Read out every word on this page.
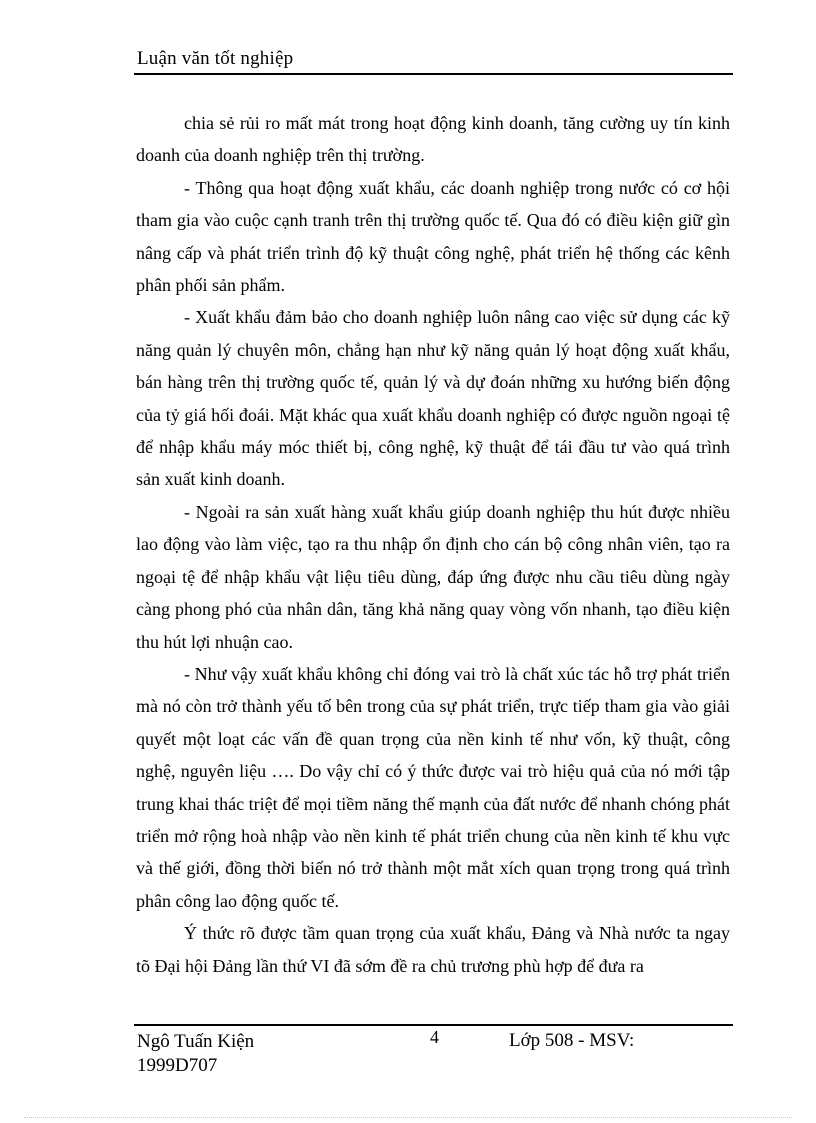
Luận văn tốt nghiệp

chia sẻ rủi ro mất mát trong hoạt động kinh doanh, tăng cường uy tín kinh doanh của doanh nghiệp trên thị trường.

- Thông qua hoạt động xuất khẩu, các doanh nghiệp trong nước có cơ hội tham gia vào cuộc cạnh tranh trên thị trường quốc tế. Qua đó có điều kiện giữ gìn nâng cấp và phát triển trình độ kỹ thuật công nghệ, phát triển hệ thống các kênh phân phối sản phẩm.

- Xuất khẩu đảm bảo cho doanh nghiệp luôn nâng cao việc sử dụng các kỹ năng quản lý chuyên môn, chẳng hạn như kỹ năng quản lý hoạt động xuất khẩu, bán hàng trên thị trường quốc tế, quản lý và dự đoán những xu hướng biến động của tỷ giá hối đoái. Mặt khác qua xuất khẩu doanh nghiệp có được nguồn ngoại tệ để nhập khẩu máy móc thiết bị, công nghệ, kỹ thuật để tái đầu tư vào quá trình sản xuất kinh doanh.

- Ngoài ra sản xuất hàng xuất khẩu giúp doanh nghiệp thu hút được nhiều lao động vào làm việc, tạo ra thu nhập ổn định cho cán bộ công nhân viên, tạo ra ngoại tệ để nhập khẩu vật liệu tiêu dùng, đáp ứng được nhu cầu tiêu dùng ngày càng phong phó của nhân dân, tăng khả năng quay vòng vốn nhanh, tạo điều kiện thu hút lợi nhuận cao.

- Như vậy xuất khẩu không chỉ đóng vai trò là chất xúc tác hỗ trợ phát triển mà nó còn trở thành yếu tố bên trong của sự phát triển, trực tiếp tham gia vào giải quyết một loạt các vấn đề quan trọng của nền kinh tế như vốn, kỹ thuật, công nghệ, nguyên liệu …. Do vậy chỉ có ý thức được vai trò hiệu quả của nó mới tập trung khai thác triệt để mọi tiềm năng thế mạnh của đất nước để nhanh chóng phát triển mở rộng hoà nhập vào nền kinh tế phát triển chung của nền kinh tế khu vực và thế giới, đồng thời biến nó trở thành một mắt xích quan trọng trong quá trình phân công lao động quốc tế.

Ý thức rõ được tầm quan trọng của xuất khẩu, Đảng và Nhà nước ta ngay tõ Đại hội Đảng lần thứ VI đã sớm đề ra chủ trương phù hợp để đưa ra

Ngô Tuấn Kiện
1999D707
4	Lớp 508 - MSV:
